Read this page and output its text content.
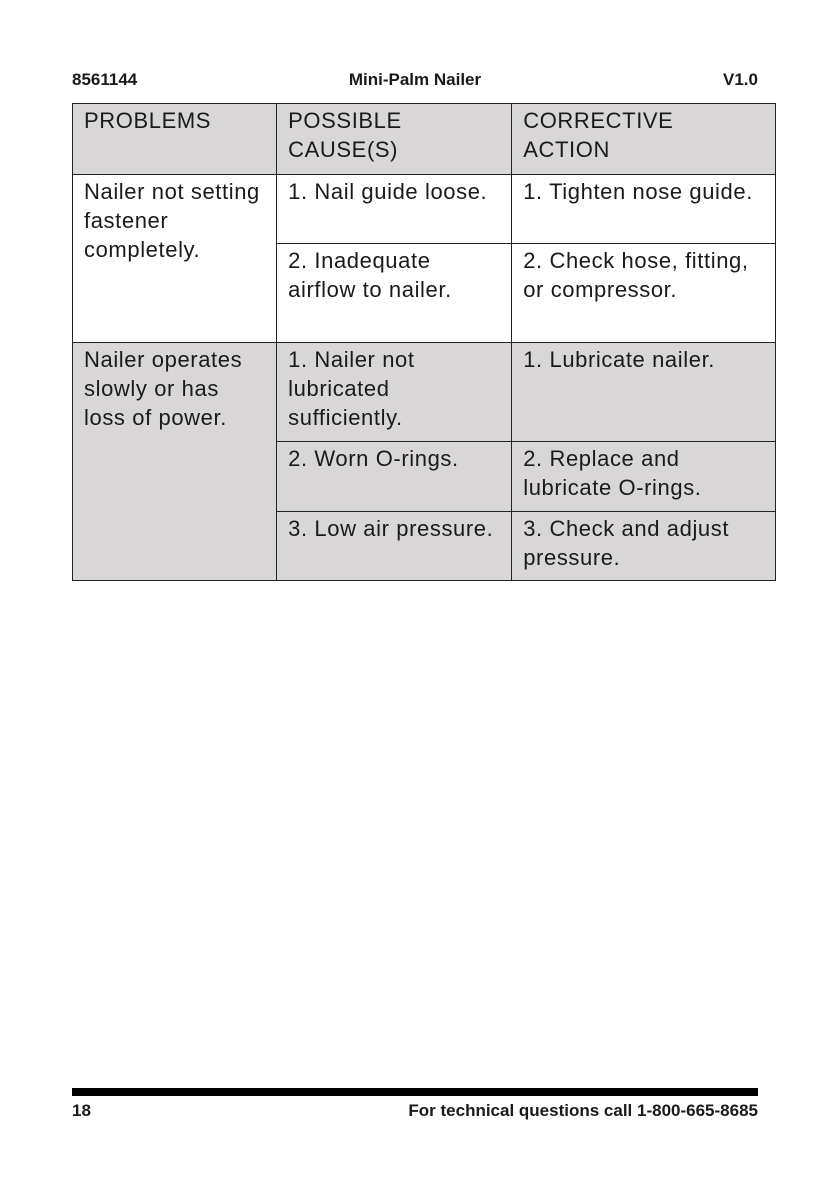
8561144	Mini-Palm Nailer	V1.0
PROBLEMS	POSSIBLE CAUSE(S)	CORRECTIVE ACTION
Nailer not setting fastener completely.	1. Nail guide loose.	1. Tighten nose guide.
	2. Inadequate airflow to nailer.	2. Check hose, fitting, or compressor.
Nailer operates slowly or has loss of power.	1. Nailer not lubricated sufficiently.	1. Lubricate nailer.
	2. Worn O-rings.	2. Replace and lubricate O-rings.
	3. Low air pressure.	3. Check and adjust pressure.
18	For technical questions call 1-800-665-8685
